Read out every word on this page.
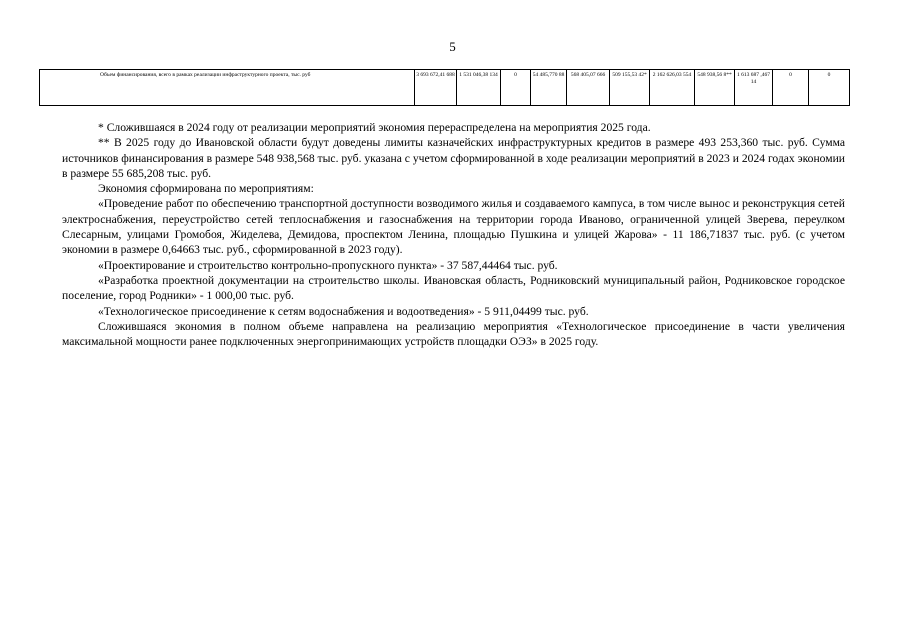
5
Объем финансирования, всего в рамках реализации инфраструктурного проекта, тыс. руб	3 693 672,41 688	1 531 046,38 134	0	54 485,770 88	568 405,07 666	509 155,53 42*	2 162 626,03 554	548 938,56 8**	1 613 687 ,46714	0	0

* Сложившаяся в 2024 году от реализации мероприятий экономия перераспределена на мероприятия 2025 года.

** В 2025 году до Ивановской области будут доведены лимиты казначейских инфраструктурных кредитов в размере 493 253,360 тыс. руб. Сумма источников финансирования в размере 548 938,568 тыс. руб. указана с учетом сформированной в ходе реализации мероприятий в 2023 и 2024 годах экономии в размере 55 685,208 тыс. руб.

Экономия сформирована по мероприятиям:

«Проведение работ по обеспечению транспортной доступности возводимого жилья и создаваемого кампуса, в том числе вынос и реконструкция сетей электроснабжения, переустройство сетей теплоснабжения и газоснабжения на территории города Иваново, ограниченной улицей Зверева, переулком Слесарным, улицами Громобоя, Жиделева, Демидова, проспектом Ленина, площадью Пушкина и улицей Жарова» - 11 186,71837 тыс. руб. (с учетом экономии в размере 0,64663 тыс. руб., сформированной в 2023 году).

«Проектирование и строительство контрольно-пропускного пункта» - 37 587,44464 тыс. руб.

«Разработка проектной документации на строительство школы. Ивановская область, Родниковский муниципальный район, Родниковское городское поселение, город Родники» - 1 000,00 тыс. руб.

«Технологическое присоединение к сетям водоснабжения и водоотведения» - 5 911,04499 тыс. руб.

Сложившаяся экономия в полном объеме направлена на реализацию мероприятия «Технологическое присоединение в части увеличения максимальной мощности ранее подключенных энергопринимающих устройств площадки ОЭЗ» в 2025 году.
